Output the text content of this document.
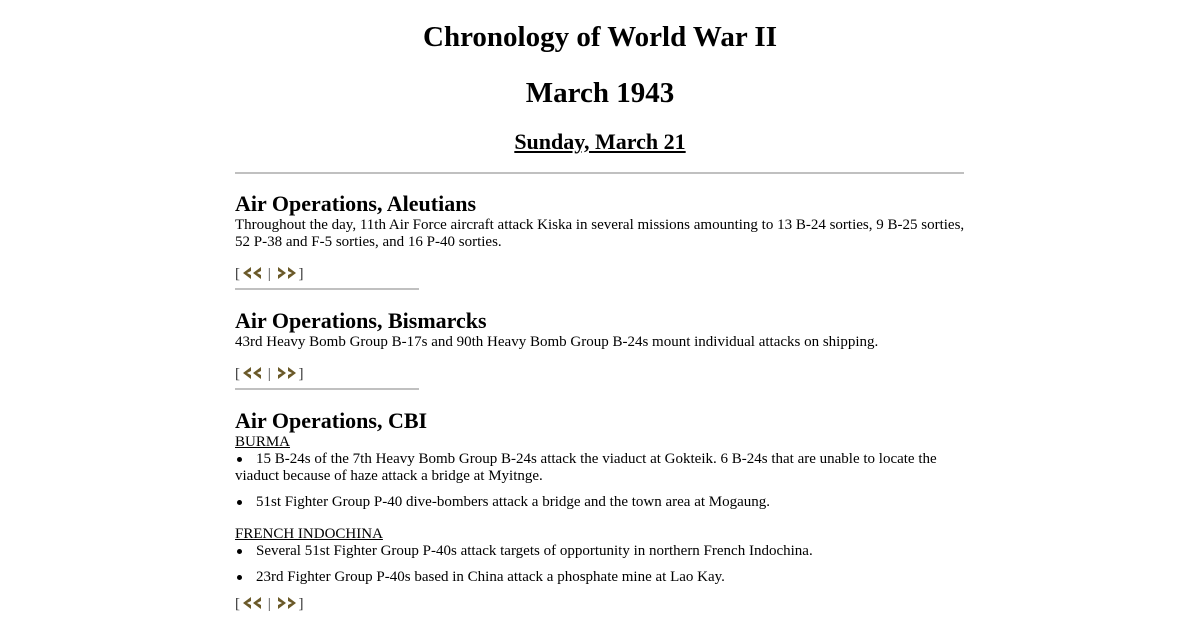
Chronology of World War II
March 1943
Sunday, March 21
Air Operations, Aleutians

Throughout the day, 11th Air Force aircraft attack Kiska in several missions amounting to 13 B-24 sorties, 9 B-25 sorties, 52 P-38 and F-5 sorties, and 16 P-40 sorties.

[ | ]
Air Operations, Bismarcks

43rd Heavy Bomb Group B-17s and 90th Heavy Bomb Group B-24s mount individual attacks on shipping.

[ | ]
Air Operations, CBI

BURMA

15 B-24s of the 7th Heavy Bomb Group B-24s attack the viaduct at Gokteik. 6 B-24s that are unable to locate the viaduct because of haze attack a bridge at Myitnge.
51st Fighter Group P-40 dive-bombers attack a bridge and the town area at Mogaung.

FRENCH INDOCHINA

Several 51st Fighter Group P-40s attack targets of opportunity in northern French Indochina.
23rd Fighter Group P-40s based in China attack a phosphate mine at Lao Kay.
[ | ]
